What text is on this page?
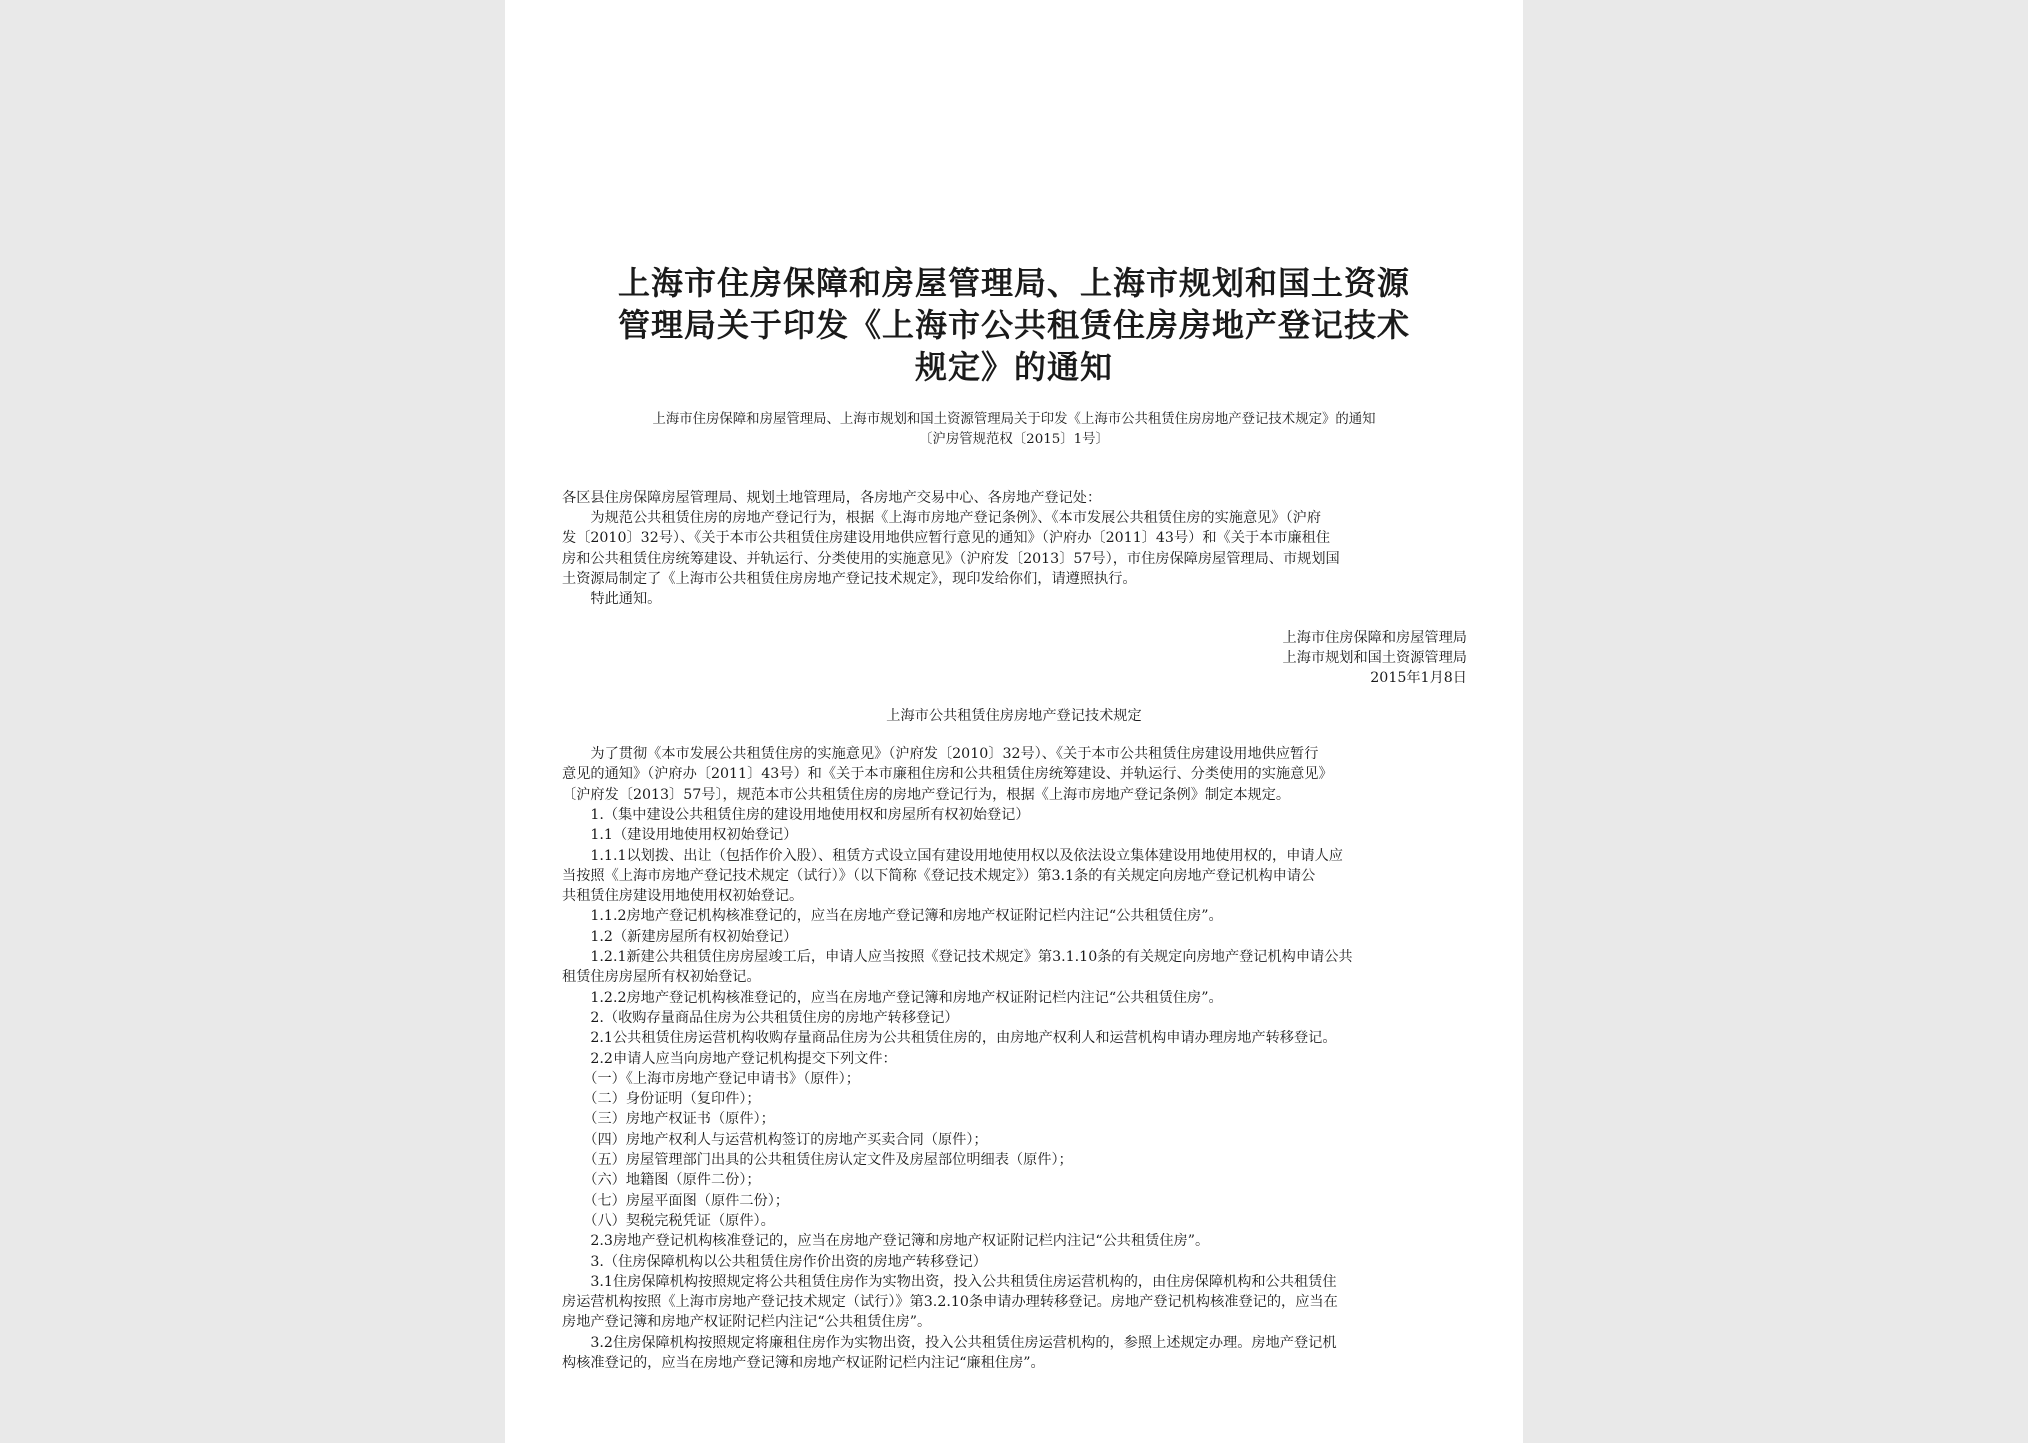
上海市住房保障和房屋管理局、上海市规划和国土资源
管理局关于印发《上海市公共租赁住房房地产登记技术
规定》的通知
上海市住房保障和房屋管理局、上海市规划和国土资源管理局关于印发《上海市公共租赁住房房地产登记技术规定》的通知
〔沪房管规范权〔2015〕1号〕
各区县住房保障房屋管理局、规划土地管理局，各房地产交易中心、各房地产登记处：
　　为规范公共租赁住房的房地产登记行为，根据《上海市房地产登记条例》、《本市发展公共租赁住房的实施意见》（沪府
发〔2010〕32号）、《关于本市公共租赁住房建设用地供应暂行意见的通知》（沪府办〔2011〕43号）和《关于本市廉租住
房和公共租赁住房统筹建设、并轨运行、分类使用的实施意见》（沪府发〔2013〕57号），市住房保障房屋管理局、市规划国
土资源局制定了《上海市公共租赁住房房地产登记技术规定》，现印发给你们，请遵照执行。
　　特此通知。
上海市住房保障和房屋管理局
上海市规划和国土资源管理局
2015年1月8日
上海市公共租赁住房房地产登记技术规定
　　为了贯彻《本市发展公共租赁住房的实施意见》（沪府发〔2010〕32号）、《关于本市公共租赁住房建设用地供应暂行
意见的通知》（沪府办〔2011〕43号）和《关于本市廉租住房和公共租赁住房统筹建设、并轨运行、分类使用的实施意见》
〔沪府发〔2013〕57号〕，规范本市公共租赁住房的房地产登记行为，根据《上海市房地产登记条例》制定本规定。
　　1.（集中建设公共租赁住房的建设用地使用权和房屋所有权初始登记）
　　1.1（建设用地使用权初始登记）
　　1.1.1以划拨、出让（包括作价入股）、租赁方式设立国有建设用地使用权以及依法设立集体建设用地使用权的，申请人应
当按照《上海市房地产登记技术规定（试行）》（以下简称《登记技术规定》）第3.1条的有关规定向房地产登记机构申请公
共租赁住房建设用地使用权初始登记。
　　1.1.2房地产登记机构核准登记的，应当在房地产登记簿和房地产权证附记栏内注记“公共租赁住房”。
　　1.2（新建房屋所有权初始登记）
　　1.2.1新建公共租赁住房房屋竣工后，申请人应当按照《登记技术规定》第3.1.10条的有关规定向房地产登记机构申请公共
租赁住房房屋所有权初始登记。
　　1.2.2房地产登记机构核准登记的，应当在房地产登记簿和房地产权证附记栏内注记“公共租赁住房”。
　　2.（收购存量商品住房为公共租赁住房的房地产转移登记）
　　2.1公共租赁住房运营机构收购存量商品住房为公共租赁住房的，由房地产权利人和运营机构申请办理房地产转移登记。
　　2.2申请人应当向房地产登记机构提交下列文件：
　　（一）《上海市房地产登记申请书》（原件）；
　　（二）身份证明（复印件）；
　　（三）房地产权证书（原件）；
　　（四）房地产权利人与运营机构签订的房地产买卖合同（原件）；
　　（五）房屋管理部门出具的公共租赁住房认定文件及房屋部位明细表（原件）；
　　（六）地籍图（原件二份）；
　　（七）房屋平面图（原件二份）；
　　（八）契税完税凭证（原件）。
　　2.3房地产登记机构核准登记的，应当在房地产登记簿和房地产权证附记栏内注记“公共租赁住房”。
　　3.（住房保障机构以公共租赁住房作价出资的房地产转移登记）
　　3.1住房保障机构按照规定将公共租赁住房作为实物出资，投入公共租赁住房运营机构的，由住房保障机构和公共租赁住
房运营机构按照《上海市房地产登记技术规定（试行）》第3.2.10条申请办理转移登记。房地产登记机构核准登记的，应当在
房地产登记簿和房地产权证附记栏内注记“公共租赁住房”。
　　3.2住房保障机构按照规定将廉租住房作为实物出资，投入公共租赁住房运营机构的，参照上述规定办理。房地产登记机
构核准登记的，应当在房地产登记簿和房地产权证附记栏内注记“廉租住房”。
